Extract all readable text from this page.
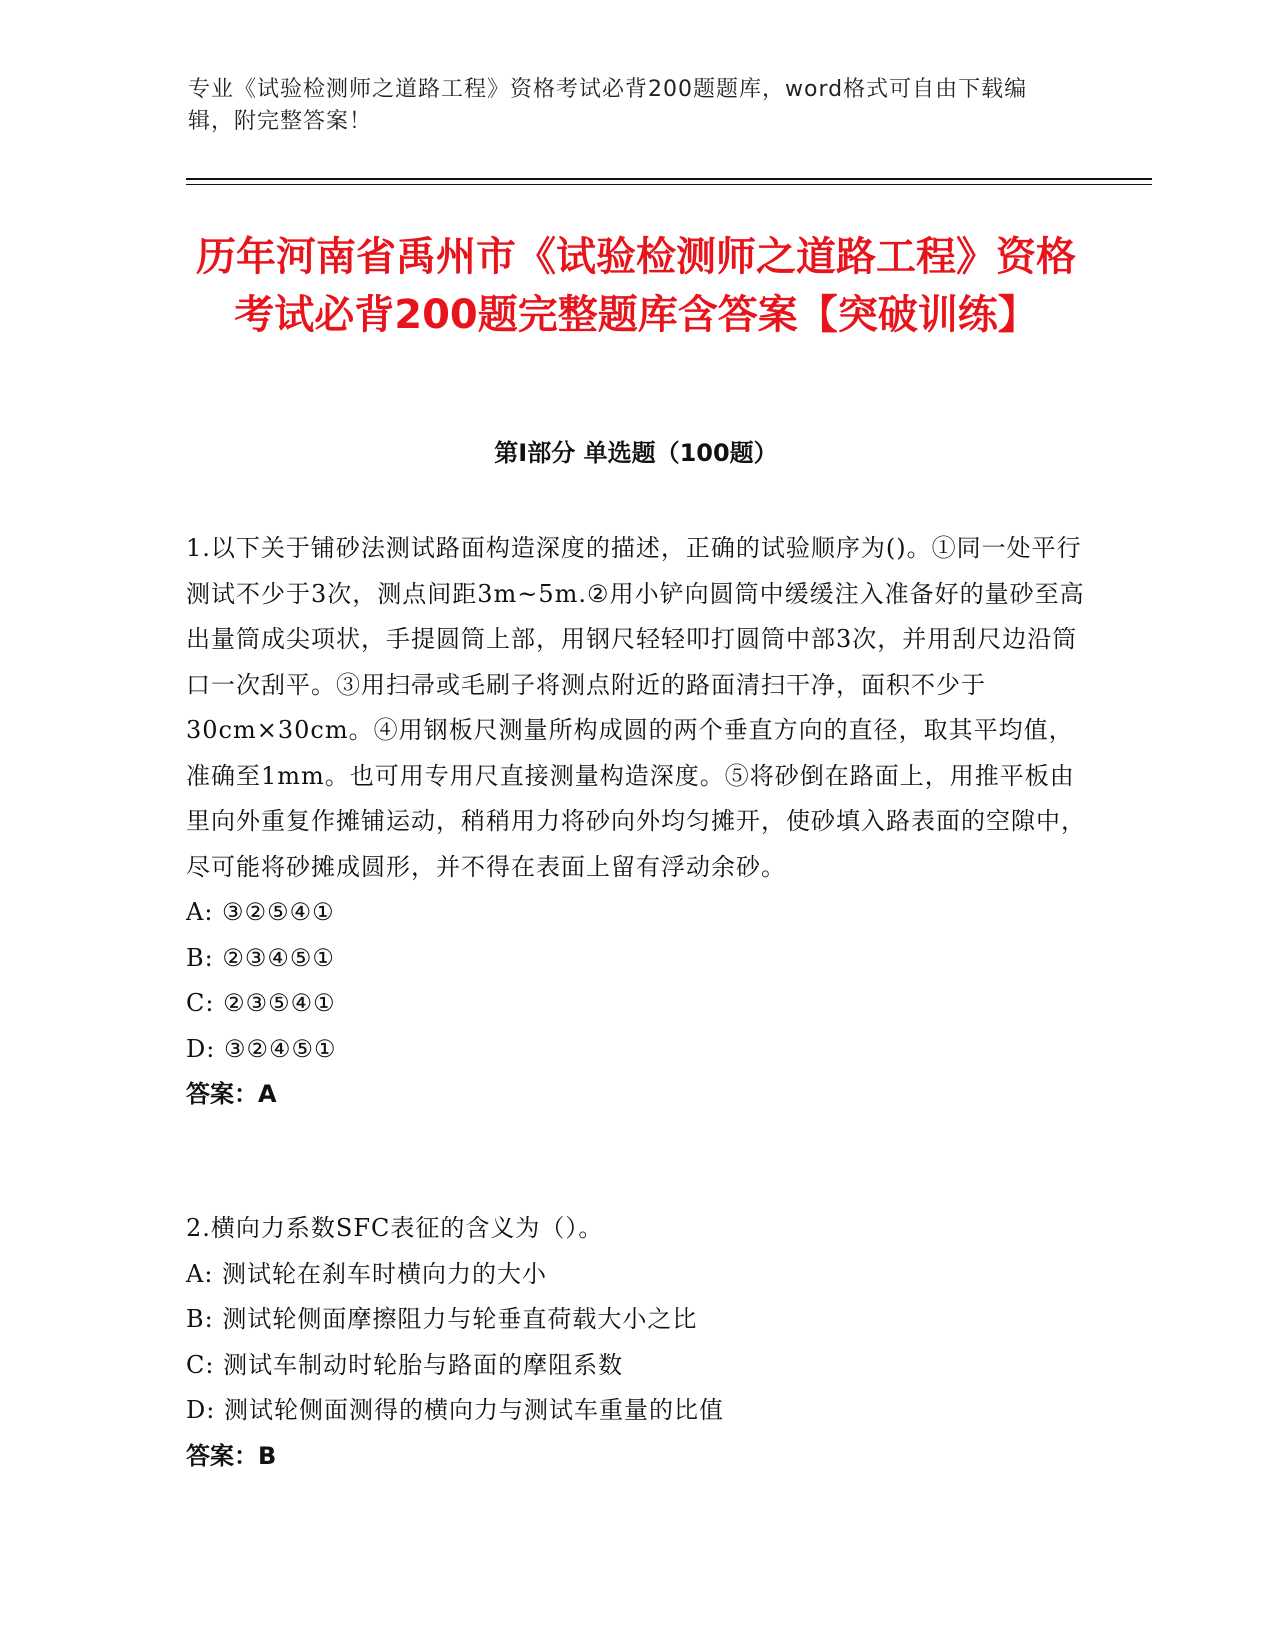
专业《试验检测师之道路工程》资格考试必背200题题库，word格式可自由下载编辑，附完整答案！
历年河南省禹州市《试验检测师之道路工程》资格考试必背200题完整题库含答案【突破训练】
第Ⅰ部分 单选题（100题）

1.以下关于铺砂法测试路面构造深度的描述，正确的试验顺序为()。①同一处平行测试不少于3次，测点间距3m~5m.②用小铲向圆筒中缓缓注入准备好的量砂至高出量筒成尖项状，手提圆筒上部，用钢尺轻轻叩打圆筒中部3次，并用刮尺边沿筒口一次刮平。③用扫帚或毛刷子将测点附近的路面清扫干净，面积不少于30cm×30cm。④用钢板尺测量所构成圆的两个垂直方向的直径，取其平均值，准确至1mm。也可用专用尺直接测量构造深度。⑤将砂倒在路面上，用推平板由里向外重复作摊铺运动，稍稍用力将砂向外均匀摊开，使砂填入路表面的空隙中，尽可能将砂摊成圆形，并不得在表面上留有浮动余砂。

A: ③②⑤④①
B: ②③④⑤①
C: ②③⑤④①
D: ③②④⑤①
答案：A

2.横向力系数SFC表征的含义为（）。

A: 测试轮在刹车时横向力的大小
B: 测试轮侧面摩擦阻力与轮垂直荷载大小之比
C: 测试车制动时轮胎与路面的摩阻系数
D: 测试轮侧面测得的横向力与测试车重量的比值
答案：B
